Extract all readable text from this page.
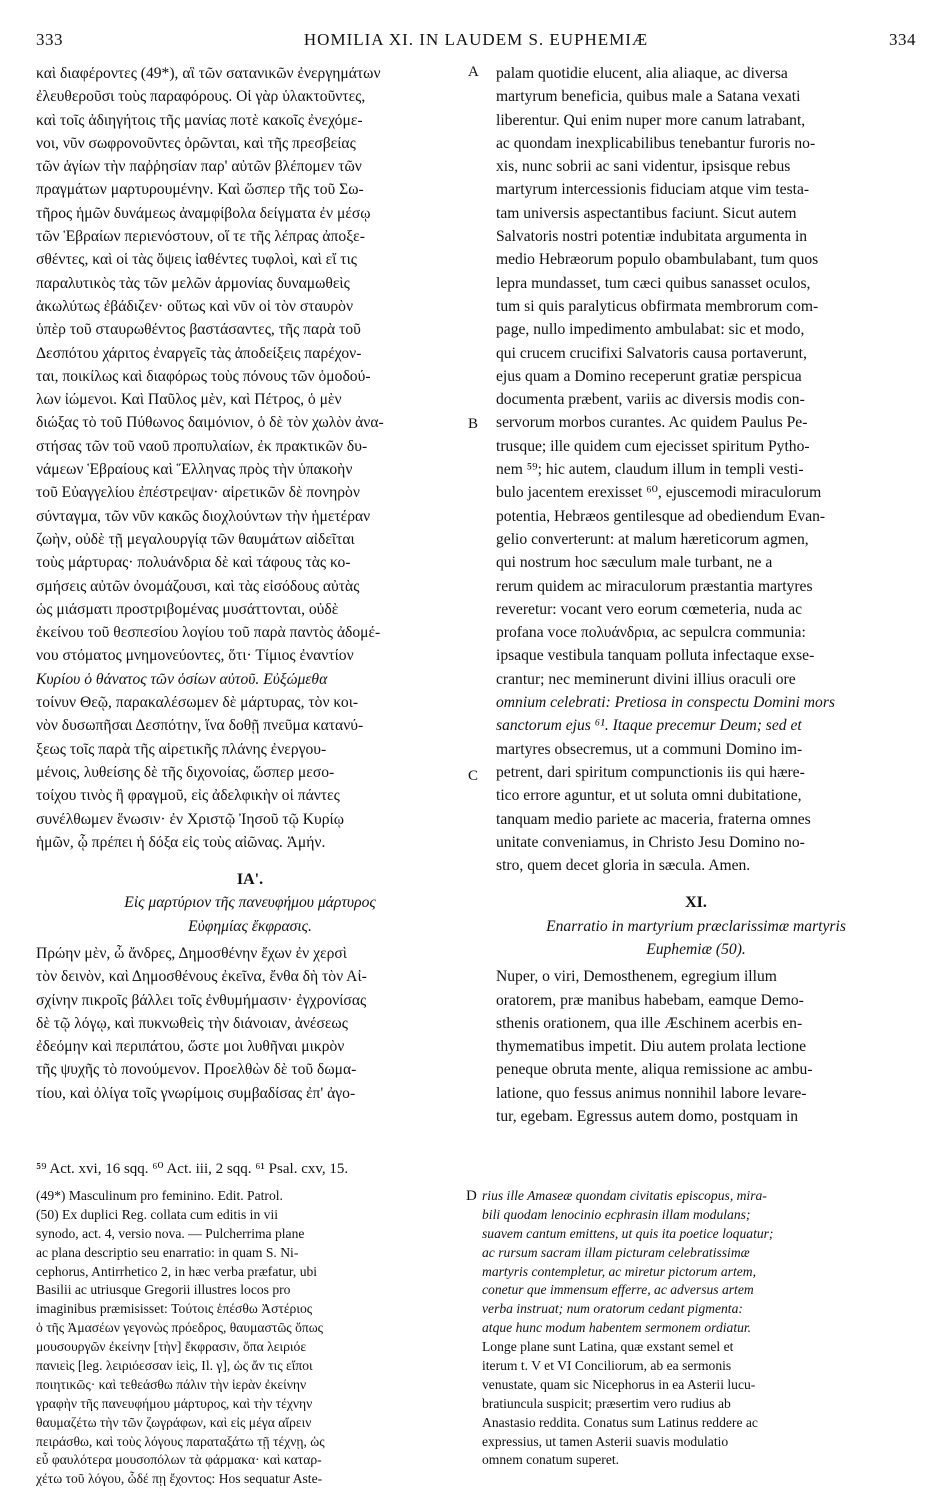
333	HOMILIA XI. IN LAUDEM S. EUPHEMIÆ	334
A
B
C
D
καὶ διαφέροντες (49*), αἳ τῶν σατανικῶν ἐνεργημάτων
ἐλευθεροῦσι τοὺς παραφόρους. Οἱ γὰρ ὑλακτοῦντες,
καὶ τοῖς ἀδιηγήτοις τῆς μανίας ποτὲ κακοῖς ἐνεχόμε-
νοι, νῦν σωφρονοῦντες ὁρῶνται, καὶ τῆς πρεσβείας
τῶν ἁγίων τὴν παῤῥησίαν παρ' αὐτῶν βλέπομεν τῶν
πραγμάτων μαρτυρουμένην. Καὶ ὥσπερ τῆς τοῦ Σω-
τῆρος ἡμῶν δυνάμεως ἀναμφίβολα δείγματα ἐν μέσῳ
τῶν Ἑβραίων περιενόστουν, οἵ τε τῆς λέπρας ἀποξε-
σθέντες, καὶ οἱ τὰς ὄψεις ἰαθέντες τυφλοὶ, καὶ εἴ τις
παραλυτικὸς τὰς τῶν μελῶν ἁρμονίας δυναμωθεὶς
ἀκωλύτως ἐβάδιζεν· οὕτως καὶ νῦν οἱ τὸν σταυρὸν
ὑπὲρ τοῦ σταυρωθέντος βαστάσαντες, τῆς παρὰ τοῦ
Δεσπότου χάριτος ἐναργεῖς τὰς ἀποδείξεις παρέχον-
ται, ποικίλως καὶ διαφόρως τοὺς πόνους τῶν ὁμοδού-
λων ἰώμενοι. Καὶ Παῦλος μὲν, καὶ Πέτρος, ὁ μὲν
διώξας τὸ τοῦ Πύθωνος δαιμόνιον, ὁ δὲ τὸν χωλὸν ἀνα-
στήσας τῶν τοῦ ναοῦ προπυλαίων, ἐκ πρακτικῶν δυ-
νάμεων Ἑβραίους καὶ Ἕλληνας πρὸς τὴν ὑπακοὴν
τοῦ Εὐαγγελίου ἐπέστρεψαν· αἱρετικῶν δὲ πονηρὸν
σύνταγμα, τῶν νῦν κακῶς διοχλούντων τὴν ἡμετέραν
ζωὴν, οὐδὲ τῇ μεγαλουργίᾳ τῶν θαυμάτων αἰδεῖται
τοὺς μάρτυρας· πολυάνδρια δὲ καὶ τάφους τὰς κο-
σμήσεις αὐτῶν ὀνομάζουσι, καὶ τὰς εἰσόδους αὐτὰς
ὡς μιάσματι προστριβομένας μυσάττονται, οὐδὲ
ἐκείνου τοῦ θεσπεσίου λογίου τοῦ παρὰ παντὸς ἀδομέ-
νου στόματος μνημονεύοντες, ὅτι· Τίμιος ἐναντίον
Κυρίου ὁ θάνατος τῶν ὁσίων αὐτοῦ. Εὐξώμεθα
τοίνυν Θεῷ, παρακαλέσωμεν δὲ μάρτυρας, τὸν κοι-
νὸν δυσωπῆσαι Δεσπότην, ἵνα δοθῇ πνεῦμα κατανύ-
ξεως τοῖς παρὰ τῆς αἱρετικῆς πλάνης ἐνεργου-
μένοις, λυθείσης δὲ τῆς διχονοίας, ὥσπερ μεσο-
τοίχου τινὸς ἢ φραγμοῦ, εἰς ἀδελφικὴν οἱ πάντες
συνέλθωμεν ἕνωσιν· ἐν Χριστῷ Ἰησοῦ τῷ Κυρίῳ
ἡμῶν, ᾧ πρέπει ἡ δόξα εἰς τοὺς αἰῶνας. Ἀμήν.
ΙΑ'.
Εἰς μαρτύριον τῆς πανευφήμου μάρτυρος
Εὐφημίας ἔκφρασις.
Πρώην μὲν, ὦ ἄνδρες, Δημοσθένην ἔχων ἐν χερσὶ
τὸν δεινὸν, καὶ Δημοσθένους ἐκεῖνα, ἔνθα δὴ τὸν Αἰ-
σχίνην πικροῖς βάλλει τοῖς ἐνθυμήμασιν· ἐγχρονίσας
δὲ τῷ λόγῳ, καὶ πυκνωθεὶς τὴν διάνοιαν, ἀνέσεως
ἐδεόμην καὶ περιπάτου, ὥστε μοι λυθῆναι μικρὸν
τῆς ψυχῆς τὸ πονούμενον. Προελθὼν δὲ τοῦ δωμα-
τίου, καὶ ὀλίγα τοῖς γνωρίμοις συμβαδίσας ἐπ' ἀγο-
palam quotidie elucent, alia aliaque, ac diversa
martyrum beneficia, quibus male a Satana vexati
liberentur. Qui enim nuper more canum latrabant,
ac quondam inexplicabilibus tenebantur furoris no-
xis, nunc sobrii ac sani videntur, ipsisque rebus
martyrum intercessionis fiduciam atque vim testa-
tam universis aspectantibus faciunt. Sicut autem
Salvatoris nostri potentiæ indubitata argumenta in
medio Hebræorum populo obambulabant, tum quos
lepra mundasset, tum cæci quibus sanasset oculos,
tum si quis paralyticus obfirmata membrorum com-
page, nullo impedimento ambulabat: sic et modo,
qui crucem crucifixi Salvatoris causa portaverunt,
ejus quam a Domino receperunt gratiæ perspicua
documenta præbent, variis ac diversis modis con-
servorum morbos curantes. Ac quidem Paulus Pe-
trusque; ille quidem cum ejecisset spiritum Pytho-
nem ⁵⁹; hic autem, claudum illum in templi vesti-
bulo jacentem erexisset ⁶⁰, ejuscemodi miraculorum
potentia, Hebræos gentilesque ad obediendum Evan-
gelio converterunt: at malum hæreticorum agmen,
qui nostrum hoc sæculum male turbant, ne a
rerum quidem ac miraculorum præstantia martyres
reveretur: vocant vero eorum cœmeteria, nuda ac
profana voce πολυάνδρια, ac sepulcra communia:
ipsaque vestibula tanquam polluta infectaque exse-
crantur; nec meminerunt divini illius oraculi ore
omnium celebrati: Pretiosa in conspectu Domini mors
sanctorum ejus ⁶¹. Itaque precemur Deum; sed et
martyres obsecremus, ut a communi Domino im-
petrent, dari spiritum compunctionis iis qui hære-
tico errore aguntur, et ut soluta omni dubitatione,
tanquam medio pariete ac maceria, fraterna omnes
unitate conveniamus, in Christo Jesu Domino no-
stro, quem decet gloria in sæcula. Amen.
XI.
Enarratio in martyrium præclarissimæ martyris
Euphemiæ (50).
Nuper, o viri, Demosthenem, egregium illum
oratorem, præ manibus habebam, eamque Demo-
sthenis orationem, qua ille Æschinem acerbis en-
thymematibus impetit. Diu autem prolata lectione
peneque obruta mente, aliqua remissione ac ambu-
latione, quo fessus animus nonnihil labore levare-
tur, egebam. Egressus autem domo, postquam in
⁵⁹ Act. xvi, 16 sqq. ⁶⁰ Act. iii, 2 sqq. ⁶¹ Psal. cxv, 15.
(49*) Masculinum pro feminino. Edit. Patrol.
(50) Ex duplici Reg. collata cum editis in vii
synodo, act. 4, versio nova. — Pulcherrima plane
ac plana descriptio seu enarratio: in quam S. Ni-
cephorus, Antirrhetico 2, in hæc verba præfatur, ubi
Basilii ac utriusque Gregorii illustres locos pro
imaginibus præmisisset: Τούτοις ἑπέσθω Ἀστέριος
ὁ τῆς Ἀμασέων γεγονὼς πρόεδρος, θαυμαστῶς ὅπως
μουσουργῶν ἐκείνην [τὴν] ἔκφρασιν, ὅπα λειριόε
πανιεὶς [leg. λειριόεσσαν ἱεὶς, Il. γ], ὡς ἄν τις εἴποι
ποιητικῶς· καὶ τεθεάσθω πάλιν τὴν ἱερὰν ἐκείνην
γραφὴν τῆς πανευφήμου μάρτυρος, καὶ τὴν τέχνην
θαυμαζέτω τὴν τῶν ζωγράφων, καὶ εἰς μέγα αἴρειν
πειράσθω, καὶ τοὺς λόγους παραταξάτω τῇ τέχνῃ, ὡς
εὖ φαυλότερα μουσοπόλων τὰ φάρμακα· καὶ καταρ-
χέτω τοῦ λόγου, ὧδέ πῃ ἔχοντος: Hos sequatur Aste-
rius ille Amaseæ quondam civitatis episcopus, mira-
bili quodam lenocinio ecphrasin illam modulans;
suavem cantum emittens, ut quis ita poetice loquatur;
ac rursum sacram illam picturam celebratissimæ
martyris contempletur, ac miretur pictorum artem,
conetur que immensum efferre, ac adversus artem
verba instruat; num oratorum cedant pigmenta:
atque hunc modum habentem sermonem ordiatur.
Longe plane sunt Latina, quæ exstant semel et
iterum t. V et VI Conciliorum, ab ea sermonis
venustate, quam sic Nicephorus in ea Asterii lucu-
bratiuncula suspicit; præsertim vero rudius ab
Anastasio reddita. Conatus sum Latinus reddere ac
expressius, ut tamen Asterii suavis modulatio
omnem conatum superet.
